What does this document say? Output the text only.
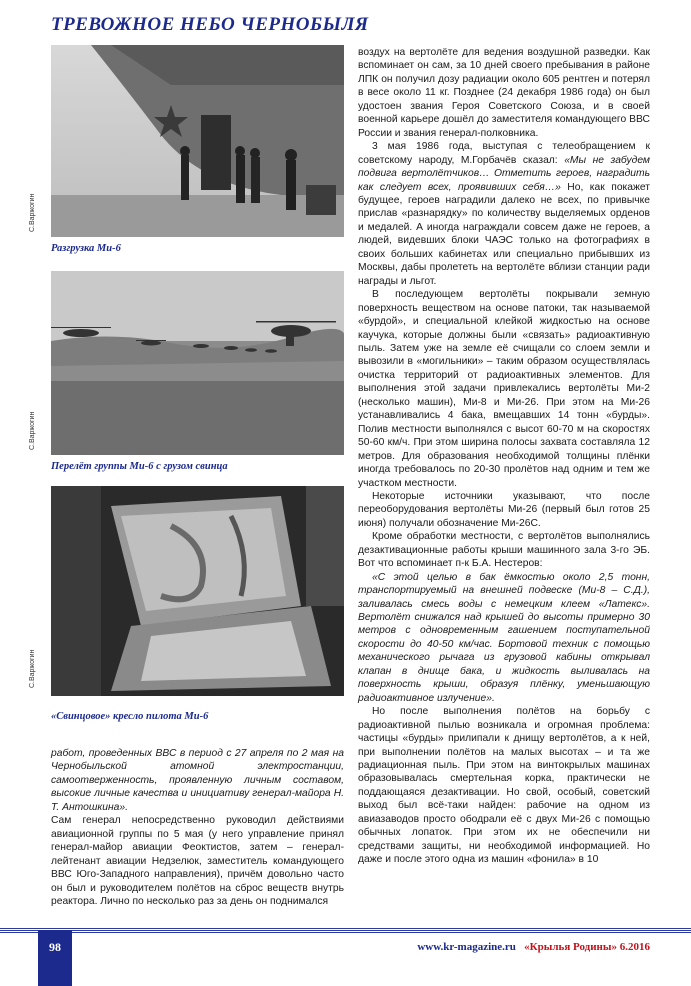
ТРЕВОЖНОЕ НЕБО ЧЕРНОБЫЛЯ
С.Варжогин
Разгрузка Ми-6
С.Варжогин
Перелёт группы Ми-6 с грузом свинца
С.Варжогин
«Свинцовое» кресло пилота Ми-6

работ, проведенных ВВС в период с 27 апреля по 2 мая на Чернобыльской атомной электростанции, самоотверженность, проявленную личным составом, высокие личные качества и инициативу генерал-майора Н. Т. Антошкина».

Сам генерал непосредственно руководил действиями авиационной группы по 5 мая (у него управление принял генерал-майор авиации Феоктистов, затем – генерал-лейтенант авиации Недзелюк, заместитель командующего ВВС Юго-Западного направления), причём довольно часто он был и руководителем полётов на сброс веществ внутрь реактора. Лично по несколько раз за день он поднимался

воздух на вертолёте для ведения воздушной разведки. Как вспоминает он сам, за 10 дней своего пребывания в районе ЛПК он получил дозу радиации около 605 рентген и потерял в весе около 11 кг. Позднее (24 декабря 1986 года) он был удостоен звания Героя Советского Союза, и в своей военной карьере дошёл до заместителя командующего ВВС России и звания генерал-полковника.

3 мая 1986 года, выступая с телеобращением к советскому народу, М.Горбачёв сказал: «Мы не забудем подвига вертолётчиков… Отметить героев, наградить как следует всех, проявивших себя…» Но, как покажет будущее, героев наградили далеко не всех, по привычке прислав «разнарядку» по количеству выделяемых орденов и медалей. А иногда награждали совсем даже не героев, а людей, видевших блоки ЧАЭС только на фотографиях в своих больших кабинетах или специально прибывших из Москвы, дабы пролететь на вертолёте вблизи станции ради награды и льгот.

В последующем вертолёты покрывали земную поверхность веществом на основе патоки, так называемой «бурдой», и специальной клейкой жидкостью на основе каучука, которые должны были «связать» радиоактивную пыль. Затем уже на земле её счищали со слоем земли и вывозили в «могильники» – таким образом осуществлялась очистка территорий от радиоактивных элементов. Для выполнения этой задачи привлекались вертолёты Ми-2 (несколько машин), Ми-8 и Ми-26. При этом на Ми-26 устанавливались 4 бака, вмещавших 14 тонн «бурды». Полив местности выполнялся с высот 60-70 м на скоростях 50-60 км/ч. При этом ширина полосы захвата составляла 12 метров. Для образования необходимой толщины плёнки иногда требовалось по 20-30 пролётов над одним и тем же участком местности.

Некоторые источники указывают, что после переоборудования вертолёты Ми-26 (первый был готов 25 июня) получали обозначение Ми-26С.

Кроме обработки местности, с вертолётов выполнялись дезактивационные работы крыши машинного зала 3-го ЭБ. Вот что вспоминает п-к Б.А. Нестеров:

«С этой целью в бак ёмкостью около 2,5 тонн, транспортируемый на внешней подвеске (Ми-8 – С.Д.), заливалась смесь воды с немецким клеем «Латекс». Вертолёт снижался над крышей до высоты примерно 30 метров с одновременным гашением поступательной скорости до 40-50 км/час. Бортовой техник с помощью механического рычага из грузовой кабины открывал клапан в днище бака, и жидкость выливалась на поверхность крыши, образуя плёнку, уменьшающую радиоактивное излучение».

Но после выполнения полётов на борьбу с радиоактивной пылью возникала и огромная проблема: частицы «бурды» прилипали к днищу вертолётов, а к ней, при выполнении полётов на малых высотах – и та же радиационная пыль. При этом на винтокрылых машинах образовывалась смертельная корка, практически не поддающаяся дезактивации. Но свой, особый, советский выход был всё-таки найден: рабочие на одном из авиазаводов просто ободрали её с двух Ми-26 с помощью обычных лопаток. При этом их не обеспечили ни средствами защиты, ни необходимой информацией. Но даже и после этого одна из машин «фонила» в 10

98	www.kr-magazine.ru «Крылья Родины» 6.2016
